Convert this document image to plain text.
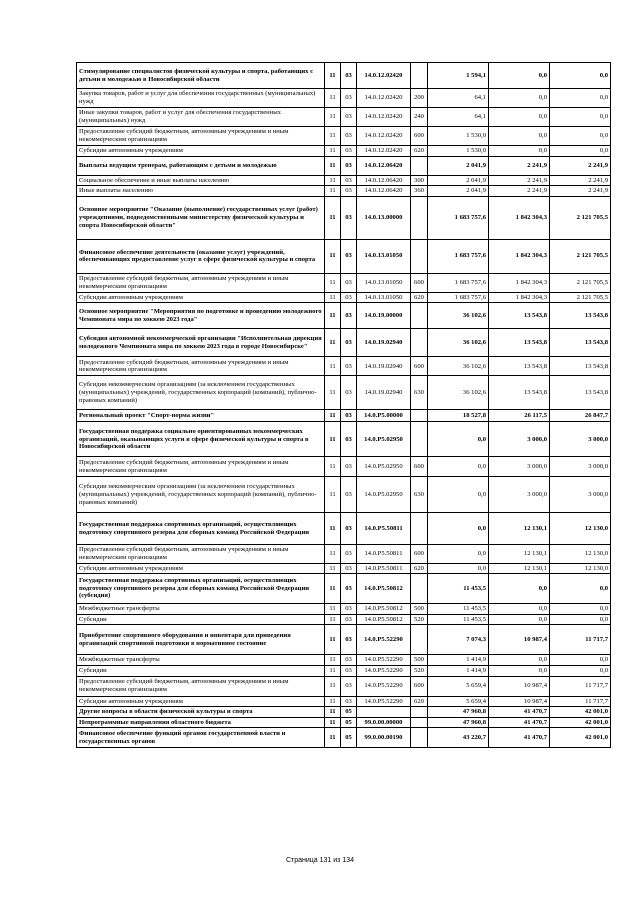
Стимулирование специалистов физической культуры и спорта, работающих с детьми и молодежью в Новосибирской области	11	03	14.0.12.02420		1 594,1	0,0	0,0
Закупка товаров, работ и услуг для обеспечения государственных (муниципальных) нужд	11	03	14.0.12.02420	200	64,1	0,0	0,0
Иные закупки товаров, работ и услуг для обеспечения государственных (муниципальных) нужд	11	03	14.0.12.02420	240	64,1	0,0	0,0
Предоставление субсидий бюджетным, автономным учреждениям и иным некоммерческим организациям	11	03	14.0.12.02420	600	1 530,0	0,0	0,0
Субсидии автономным учреждениям	11	03	14.0.12.02420	620	1 530,0	0,0	0,0
Выплаты ведущим тренерам, работающим с детьми и молодежью	11	03	14.0.12.06420		2 041,9	2 241,9	2 241,9
Социальное обеспечение и иные выплаты населению	11	03	14.0.12.06420	300	2 041,9	2 241,9	2 241,9
Иные выплаты населению	11	03	14.0.12.06420	360	2 041,9	2 241,9	2 241,9
Основное мероприятие "Оказание (выполнение) государственных услуг (работ) учреждениями, подведомственными министерству физической культуры и спорта Новосибирской области"	11	03	14.0.13.00000		1 683 757,6	1 842 304,3	2 121 705,5
Финансовое обеспечение деятельности (оказание услуг) учреждений, обеспечивающих предоставление услуг в сфере физической культуры и спорта	11	03	14.0.13.01050		1 683 757,6	1 842 304,3	2 121 705,5
Предоставление субсидий бюджетным, автономным учреждениям и иным некоммерческим организациям	11	03	14.0.13.01050	600	1 683 757,6	1 842 304,3	2 121 705,5
Субсидии автономным учреждениям	11	03	14.0.13.01050	620	1 683 757,6	1 842 304,3	2 121 705,5
Основное мероприятие "Мероприятия по подготовке и проведению молодежного Чемпионата мира по хоккею 2023 года"	11	03	14.0.19.00000		36 102,6	13 543,8	13 543,8
Субсидия автономной некоммерческой организации "Исполнительная дирекция молодежного Чемпионата мира по хоккею 2023 года в городе Новосибирске"	11	03	14.0.19.02940		36 102,6	13 543,8	13 543,8
Предоставление субсидий бюджетным, автономным учреждениям и иным некоммерческим организациям	11	03	14.0.19.02940	600	36 102,6	13 543,8	13 543,8
Субсидии некоммерческим организациям (за исключением государственных (муниципальных) учреждений, государственных корпораций (компаний), публично-правовых компаний)	11	03	14.0.19.02940	630	36 102,6	13 543,8	13 543,8
Региональный проект "Спорт-норма жизни"	11	03	14.0.P5.00000		18 527,8	26 117,5	26 847,7
Государственная поддержка социально ориентированных некоммерческих организаций, оказывающих услуги в сфере физической культуры и спорта в Новосибирской области	11	03	14.0.P5.02950		0,0	3 000,0	3 000,0
Предоставление субсидий бюджетным, автономным учреждениям и иным некоммерческим организациям	11	03	14.0.P5.02950	600	0,0	3 000,0	3 000,0
Субсидии некоммерческим организациям (за исключением государственных (муниципальных) учреждений, государственных корпораций (компаний), публично-правовых компаний)	11	03	14.0.P5.02950	630	0,0	3 000,0	3 000,0
Государственная поддержка спортивных организаций, осуществляющих подготовку спортивного резерва для сборных команд Российской Федерации	11	03	14.0.P5.50811		0,0	12 130,1	12 130,0
Предоставление субсидий бюджетным, автономным учреждениям и иным некоммерческим организациям	11	03	14.0.P5.50811	600	0,0	12 130,1	12 130,0
Субсидии автономным учреждениям	11	03	14.0.P5.50811	620	0,0	12 130,1	12 130,0
Государственная поддержка спортивных организаций, осуществляющих подготовку спортивного резерва для сборных команд Российской Федерации (субсидия)	11	03	14.0.P5.50812		11 453,5	0,0	0,0
Межбюджетные трансферты	11	03	14.0.P5.50812	500	11 453,5	0,0	0,0
Субсидии	11	03	14.0.P5.50812	520	11 453,5	0,0	0,0
Приобретение спортивного оборудования и инвентаря для приведения организаций спортивной подготовки в нормативное состояние	11	03	14.0.P5.52290		7 074,3	10 987,4	11 717,7
Межбюджетные трансферты	11	03	14.0.P5.52290	500	1 414,9	0,0	0,0
Субсидии	11	03	14.0.P5.52290	520	1 414,9	0,0	0,0
Предоставление субсидий бюджетным, автономным учреждениям и иным некоммерческим организациям	11	03	14.0.P5.52290	600	5 659,4	10 987,4	11 717,7
Субсидии автономным учреждениям	11	03	14.0.P5.52290	620	5 659,4	10 987,4	11 717,7
Другие вопросы в области физической культуры и спорта	11	05			47 960,8	41 470,7	42 001,0
Непрограммные направления областного бюджета	11	05	99.0.00.00000		47 960,8	41 470,7	42 001,0
Финансовое обеспечение функций органов государственной власти и государственных органов	11	05	99.0.00.00190		43 220,7	41 470,7	42 001,0
Страница 131 из 134
